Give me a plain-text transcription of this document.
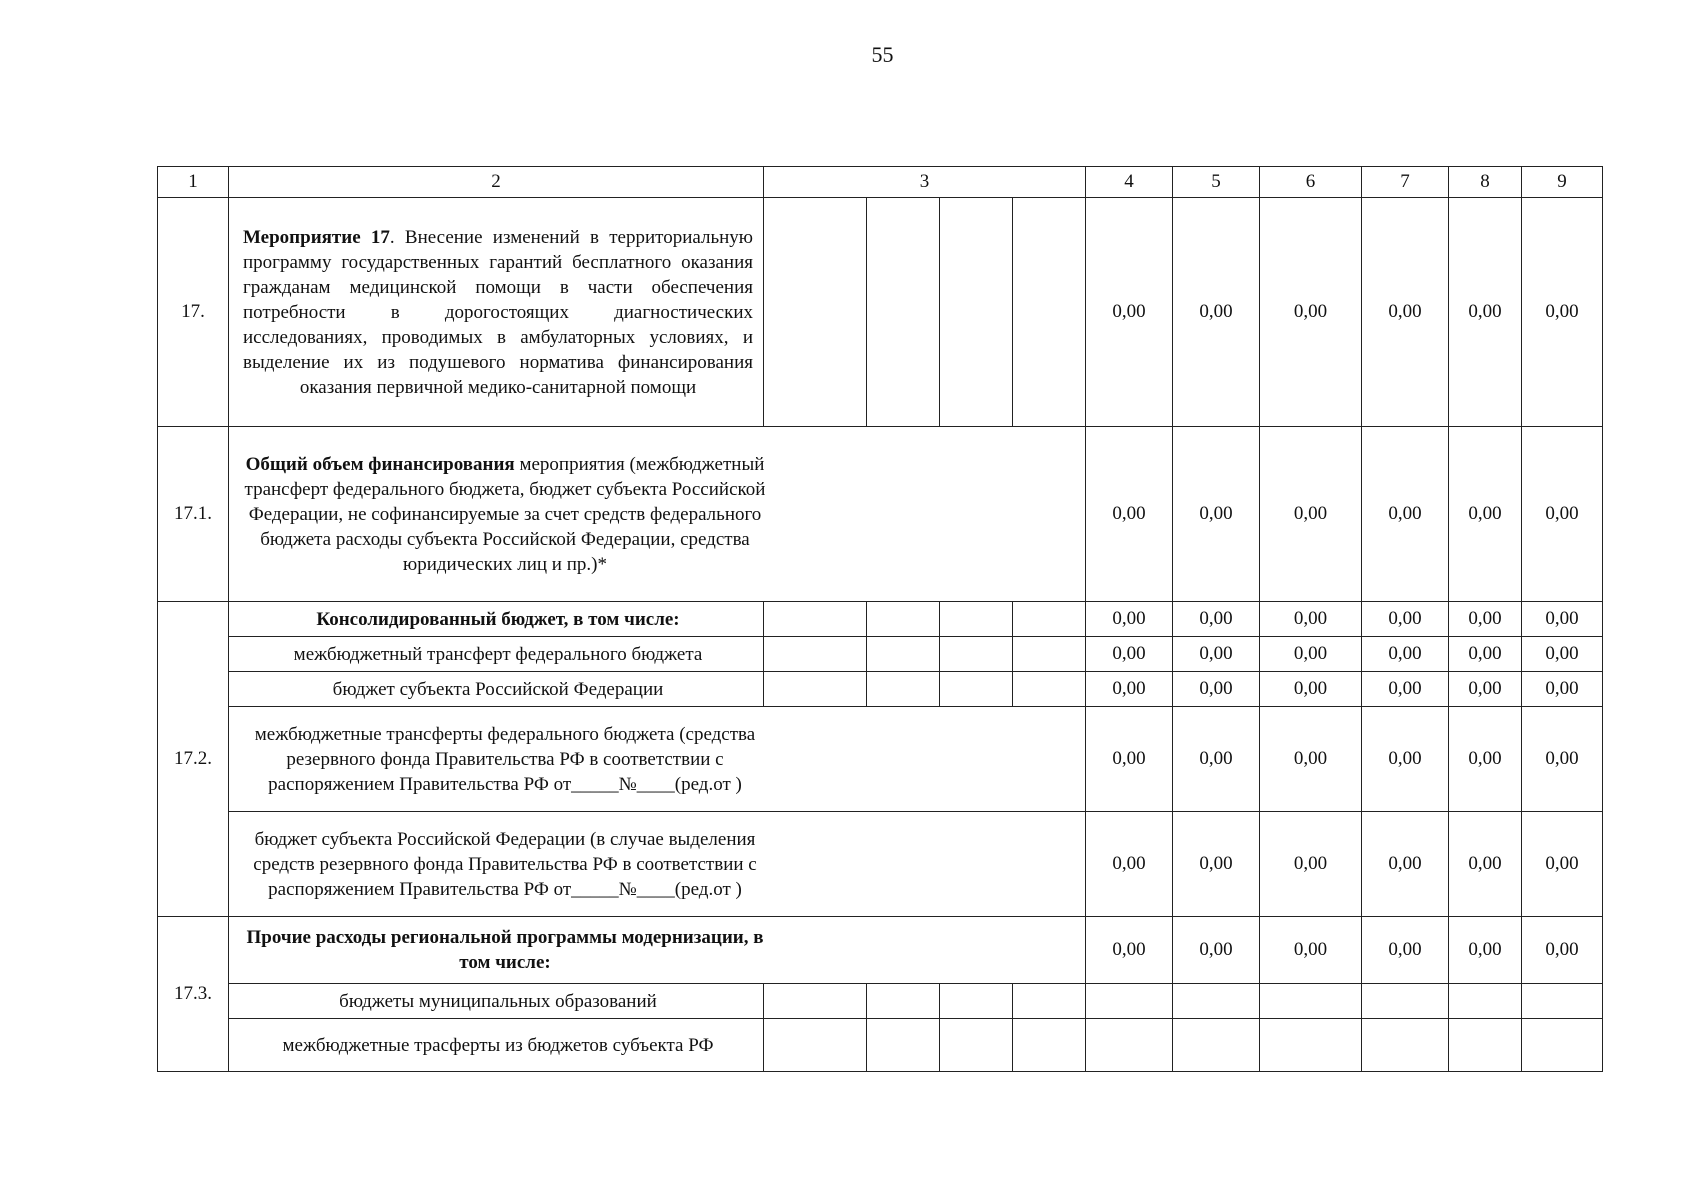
55
1	2	3				4	5	6	7	8	9
17.	Мероприятие 17. Внесение изменений в территориальную программу государственных гарантий бесплатного оказания гражданам медицинской помощи в части обеспечения потребности в дорогостоящих диагностических исследованиях, проводимых в амбулаторных условиях, и выделение их из подушевого норматива финансирования оказания первичной медико-санитарной помощи					0,00	0,00	0,00	0,00	0,00	0,00
17.1.	Общий объем финансирования мероприятия (межбюджетный трансферт федерального бюджета, бюджет субъекта Российской Федерации, не софинансируемые за счет средств федерального бюджета расходы субъекта Российской Федерации, средства юридических лиц и пр.)*					0,00	0,00	0,00	0,00	0,00	0,00
17.2.	Консолидированный бюджет, в том числе:					0,00	0,00	0,00	0,00	0,00	0,00
	межбюджетный трансферт федерального бюджета					0,00	0,00	0,00	0,00	0,00	0,00
	бюджет субъекта Российской Федерации					0,00	0,00	0,00	0,00	0,00	0,00
	межбюджетные трансферты федерального бюджета (средства резервного фонда Правительства РФ в соответствии с распоряжением Правительства РФ от_____№____(ред.от )					0,00	0,00	0,00	0,00	0,00	0,00
	бюджет субъекта Российской Федерации (в случае выделения средств резервного фонда Правительства РФ в соответствии с распоряжением Правительства РФ от_____№____(ред.от )					0,00	0,00	0,00	0,00	0,00	0,00
17.3.	Прочие расходы региональной программы модернизации, в том числе:					0,00	0,00	0,00	0,00	0,00	0,00
	бюджеты муниципальных образований										
	межбюджетные трасферты из бюджетов субъекта РФ										
